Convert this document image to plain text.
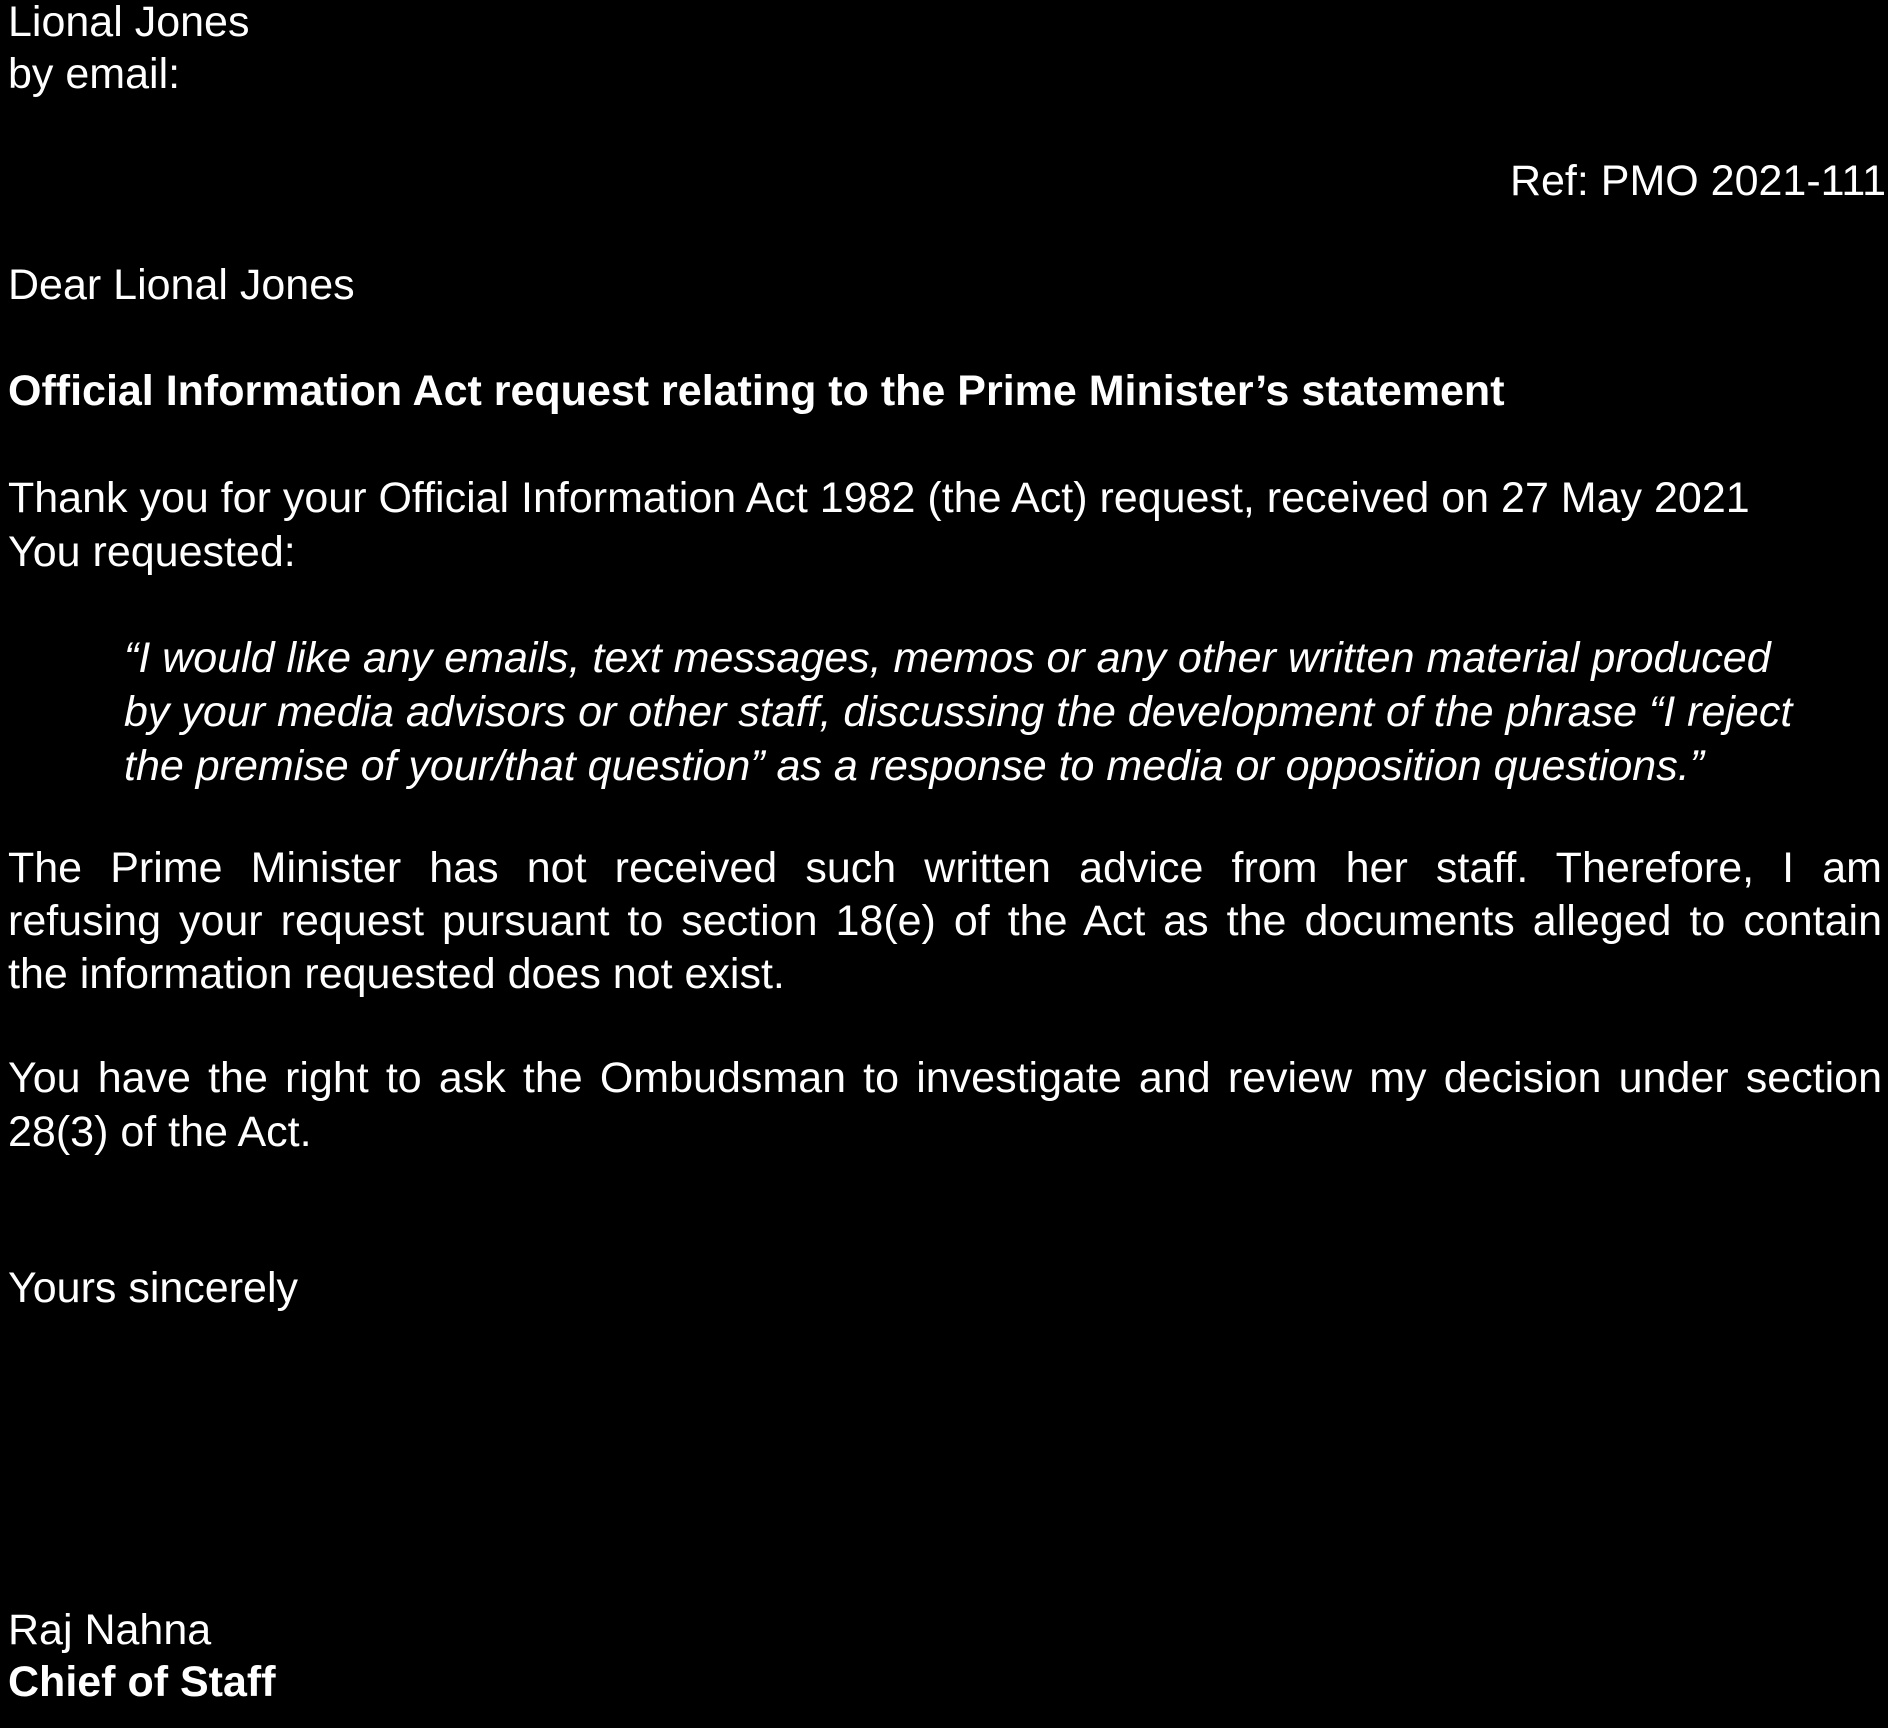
Lional Jones
by email:
Ref: PMO 2021-111
Dear Lional Jones
Official Information Act request relating to the Prime Minister’s statement
Thank you for your Official Information Act 1982 (the Act) request, received on 27 May 2021
You requested:
“I would like any emails, text messages, memos or any other written material produced
by your media advisors or other staff, discussing the development of the phrase “I reject
the premise of your/that question” as a response to media or opposition questions.”
The Prime Minister has not received such written advice from her staff. Therefore, I am
refusing your request pursuant to section 18(e) of the Act as the documents alleged to contain
the information requested does not exist.
You have the right to ask the Ombudsman to investigate and review my decision under section
28(3) of the Act.
Yours sincerely
Raj Nahna
Chief of Staff
